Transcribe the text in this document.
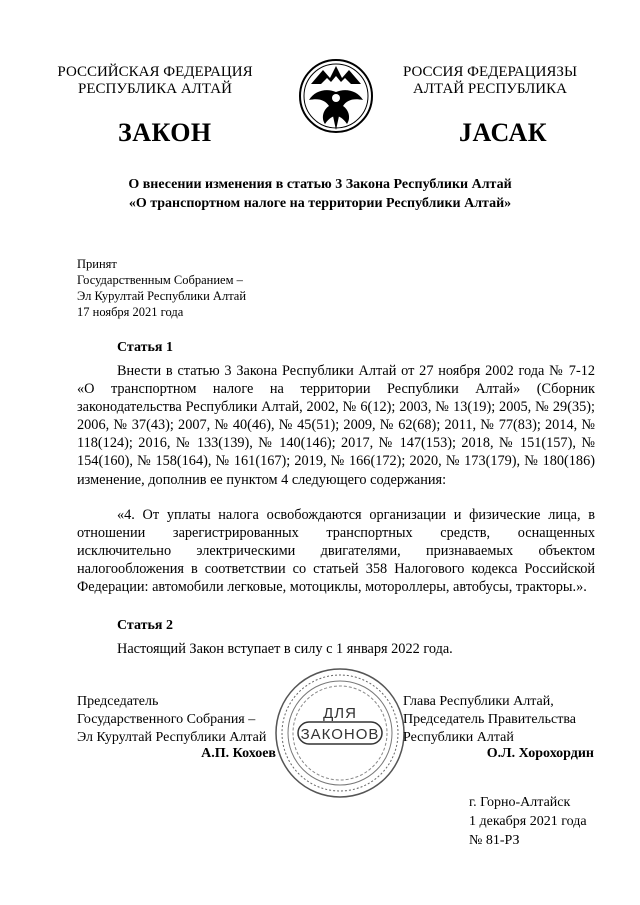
РОССИЙСКАЯ ФЕДЕРАЦИЯ
РЕСПУБЛИКА АЛТАЙ
РОССИЯ ФЕДЕРАЦИЯЗЫ
АЛТАЙ РЕСПУБЛИКА
ЗАКОН	JАСАК
О внесении изменения в статью 3 Закона Республики Алтай
«О транспортном налоге на территории Республики Алтай»
Принят
Государственным Собранием –
Эл Курултай Республики Алтай
17 ноября 2021 года
Статья 1

Внести в статью 3 Закона Республики Алтай от 27 ноября 2002 года № 7-12 «О транспортном налоге на территории Республики Алтай» (Сборник законодательства Республики Алтай, 2002, № 6(12); 2003, № 13(19); 2005, № 29(35); 2006, № 37(43); 2007, № 40(46), № 45(51); 2009, № 62(68); 2011, № 77(83); 2014, № 118(124); 2016, № 133(139), № 140(146); 2017, № 147(153); 2018, № 151(157), № 154(160), № 158(164), № 161(167); 2019, № 166(172); 2020, № 173(179), № 180(186) изменение, дополнив ее пунктом 4 следующего содержания:

«4. От уплаты налога освобождаются организации и физические лица, в отношении зарегистрированных транспортных средств, оснащенных исключительно электрическими двигателями, признаваемых объектом налогообложения в соответствии со статьей 358 Налогового кодекса Российской Федерации: автомобили легковые, мотоциклы, мотороллеры, автобусы, тракторы.».

Статья 2

Настоящий Закон вступает в силу с 1 января 2022 года.

Председатель
Государственного Собрания –
Эл Курултай Республики Алтай
А.П. Кохоев
ДЛЯ
ЗАКОНОВ
Глава Республики Алтай,
Председатель Правительства
Республики Алтай
О.Л. Хорохордин
г. Горно-Алтайск
1 декабря 2021 года
№ 81-РЗ
